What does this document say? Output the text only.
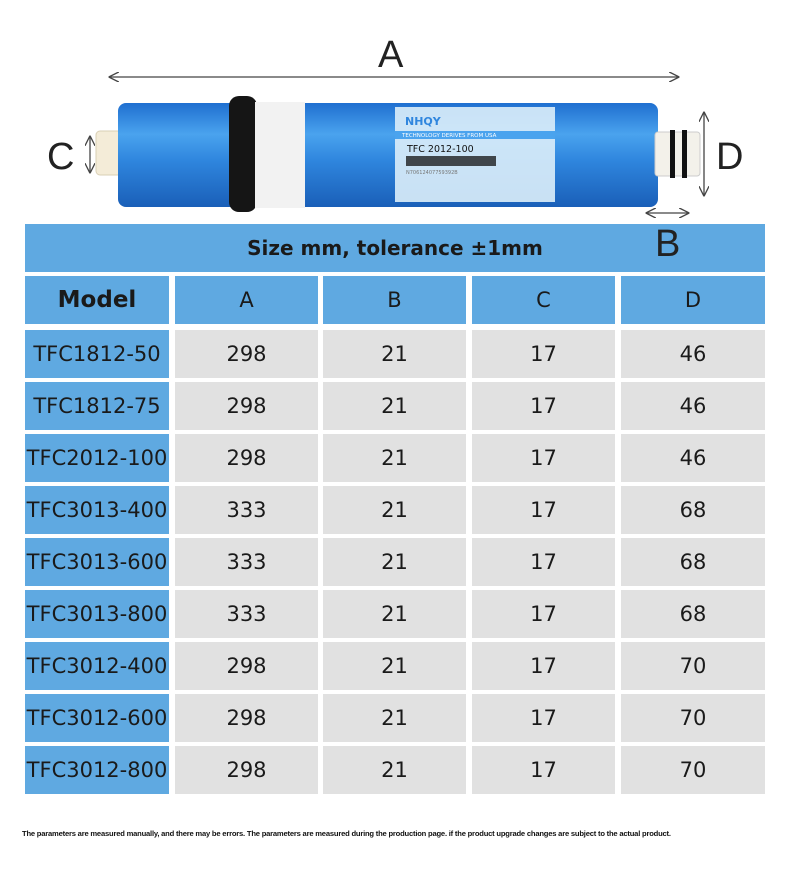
NHQY
TECHNOLOGY DERIVES FROM USA
TFC 2012-100
N70612407759392B
A
C	D
Size mm, tolerance ±1mm
Model	A	B	C	D
TFC1812-50	298	21	17	46
TFC1812-75	298	21	17	46
TFC2012-100	298	21	17	46
TFC3013-400	333	21	17	68
TFC3013-600	333	21	17	68
TFC3013-800	333	21	17	68
TFC3012-400	298	21	17	70
TFC3012-600	298	21	17	70
TFC3012-800	298	21	17	70
B
The parameters are measured manually, and there may be errors. The parameters are measured during the production page. if the product upgrade changes are subject to the actual product.
